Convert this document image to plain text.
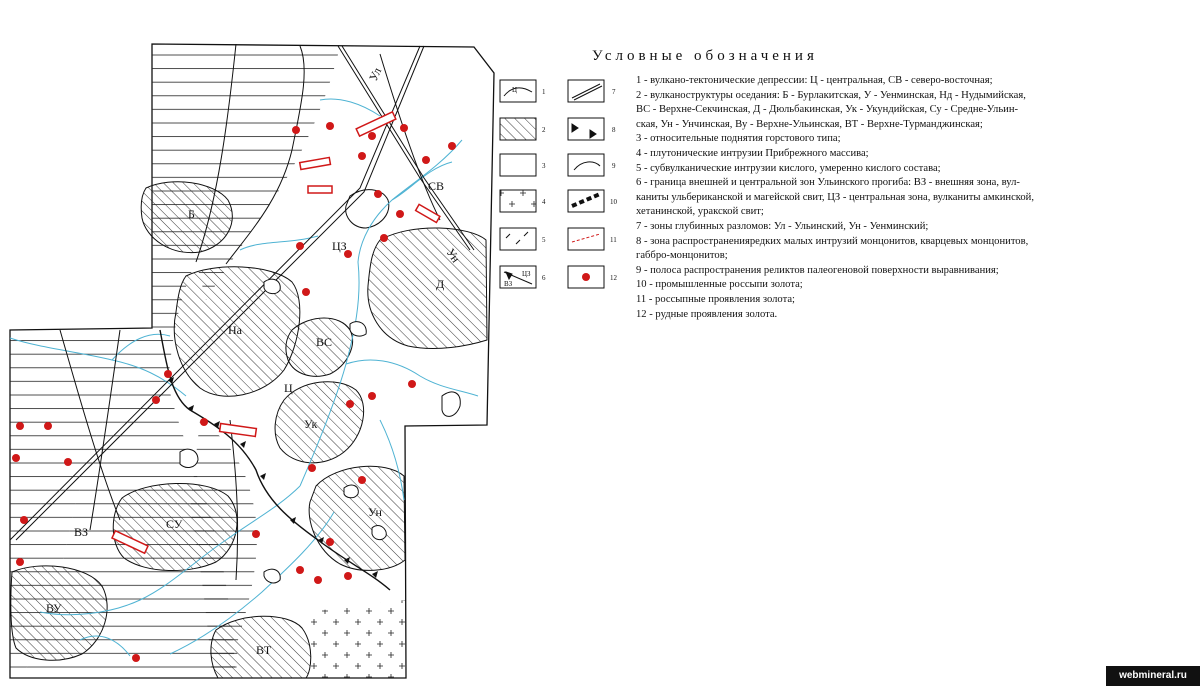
СВ
ЦЗ
Д
Б
На
ВС
Ц
Ук
СУ
ВЗ
Ун
ВУ
ВТ
Ул
Ун
Ц
ВЗ
ЦЗ
1
2
3
4
5
6
7
8
9
10
11
12
Условные обозначения
1 - вулкано-тектонические депрессии: Ц - центральная, СВ - северо-восточная;
2 - вулканоструктуры оседания: Б - Бурлакитская, У - Уенминская, Нд - Нудымийская,
ВС - Верхне-Секчинская, Д - Дюльбакинская, Ук - Укундийская, Су - Средне-Ульин-
ская, Ун - Унчинская, Ву - Верхне-Ульинская, ВТ - Верхне-Турманджинская;
3 - относительные поднятия горстового типа;
4 - плутонические интрузии Прибрежного массива;
5 - субвулканические интрузии кислого, умеренно кислого состава;
6 - граница внешней и центральной зон Ульинского прогиба: ВЗ - внешняя зона, вул-
каниты ульбериканской и магейской свит, ЦЗ - центральная зона, вулканиты амкинской,
хетанинской, уракской свит;
7 - зоны глубинных разломов: Ул - Ульинский, Ун - Уенминский;
8 - зона распространенияредких малых интрузий монцонитов, кварцевых монцонитов,
габбро-монцонитов;
9 - полоса распространения реликтов палеогеновой поверхности выравнивания;
10 - промышленные россыпи золота;
11 - россыпные проявления золота;
12 - рудные проявления золота.
webmineral.ru
